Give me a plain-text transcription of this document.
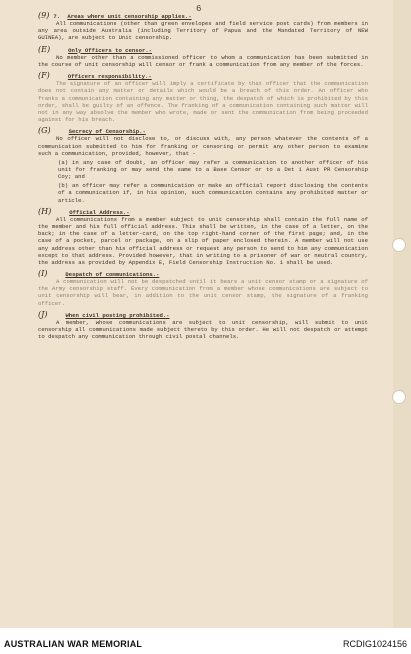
6
(9) 7. Areas where unit censorship applies.-

All communications (other than green envelopes and field service post cards) from members in any area outside Australia (including Territory of Papua and the Mandated Territory of NEW GUINEA), are subject to Unit censorship.

(E)	Only Officers to censor.-

No member other than a commissioned officer to whom a communication has been submitted in the course of unit censorship will censor or frank a communication from any member of the forces.

(F)	Officers responsibility.-

The signature of an officer will imply a certificate by that officer that the communication does not contain any matter or details which would be a breach of this order. An officer who franks a communication containing any matter or thing, the despatch of which is prohibited by this order, shall be guilty of an offence. The franking of a communication containing such matter will not in any way absolve the member who wrote, made or sent the communication from being proceeded against for his breach.

(G)	Secrecy of Censorship.-

No officer will not disclose to, or discuss with, any person whatever the contents of a communication submitted to him for franking or censoring or permit any other person to examine such a communication, provided, however, that -

(a) in any case of doubt, an officer may refer a communication to another officer of his unit for franking or may send the same to a Base Censor or to a Det 1 Aust PR Censorship Coy; and

(b) an officer may refer a communication or make an official report disclosing the contents of a communication if, in his opinion, such communication contains any prohibited matter or article.

(H)	Official Address.-

All communications from a member subject to unit censorship shall contain the full name of the member and his full official address. This shall be written, in the case of a letter, on the back; in the case of a letter-card, on the top right-hand corner of the first page; and, in the case of a pocket, parcel or package, on a slip of paper enclosed therein. A member will not use any address other than his official address or request any person to send to him any communication except to that address. Provided however, that in writing to a prisoner of war or neutral country, the address as provided by Appendix E, Field Censorship Instruction No. 1 shall be used.

(I)	Despatch of communications.-

A communication will not be despatched until it bears a unit censor stamp or a signature of the Army censorship staff. Every communication from a member whose communications are subject to unit censorship will bear, in addition to the unit censor stamp, the signature of a franking officer.

(J)	When civil posting prohibited.-

A member, whose communications are subject to unit censorship, will submit to unit censorship all communications made subject thereto by this order. He will not despatch or attempt to despatch any communication through civil postal channels.

AUSTRALIAN WAR MEMORIAL	RCDIG1024156
